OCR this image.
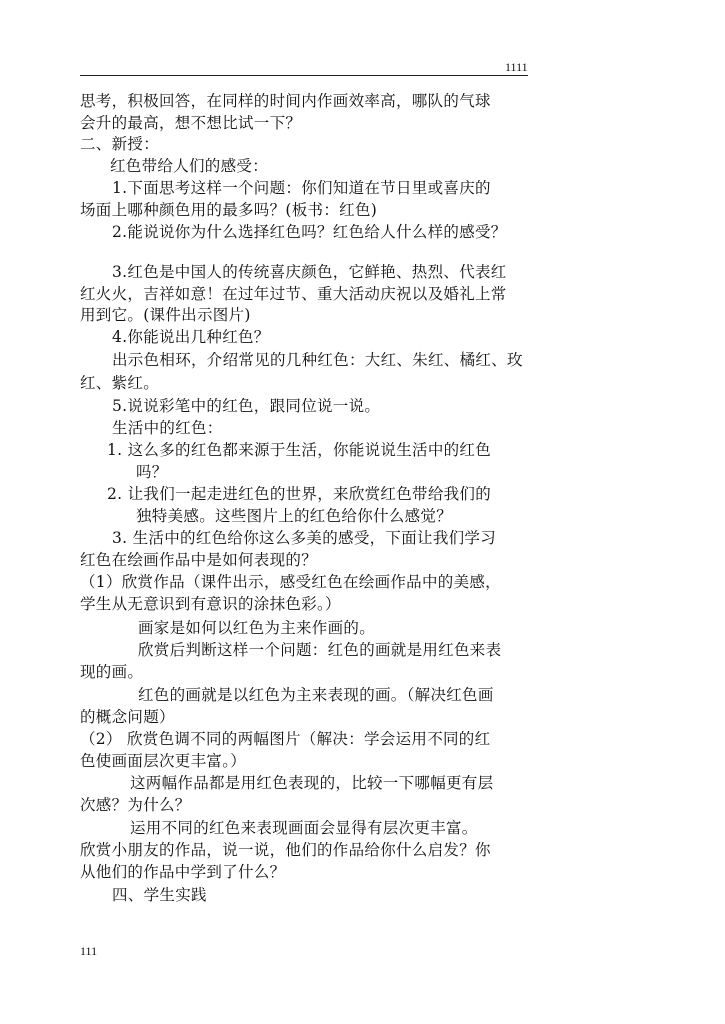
1111
思考，积极回答，在同样的时间内作画效率高，哪队的气球
会升的最高，想不想比试一下？
二、新授：
红色带给人们的感受：
1.下面思考这样一个问题：你们知道在节日里或喜庆的
场面上哪种颜色用的最多吗？(板书：红色)
2.能说说你为什么选择红色吗？红色给人什么样的感受？
3.红色是中国人的传统喜庆颜色，它鲜艳、热烈、代表红
红火火，吉祥如意！在过年过节、重大活动庆祝以及婚礼上常
用到它。(课件出示图片)
4.你能说出几种红色？
出示色相环，介绍常见的几种红色：大红、朱红、橘红、玫
红、紫红。
5.说说彩笔中的红色，跟同位说一说。
生活中的红色：
1. 这么多的红色都来源于生活，你能说说生活中的红色
吗？
2. 让我们一起走进红色的世界，来欣赏红色带给我们的
独特美感。这些图片上的红色给你什么感觉？
3. 生活中的红色给你这么多美的感受，下面让我们学习
红色在绘画作品中是如何表现的？
（1）欣赏作品（课件出示，感受红色在绘画作品中的美感，
学生从无意识到有意识的涂抹色彩。）
画家是如何以红色为主来作画的。
欣赏后判断这样一个问题：红色的画就是用红色来表
现的画。
红色的画就是以红色为主来表现的画。（解决红色画
的概念问题）
（2） 欣赏色调不同的两幅图片（解决：学会运用不同的红
色使画面层次更丰富。）
这两幅作品都是用红色表现的，比较一下哪幅更有层
次感？为什么？
运用不同的红色来表现画面会显得有层次更丰富。
欣赏小朋友的作品，说一说，他们的作品给你什么启发？你
从他们的作品中学到了什么？
四、学生实践
111
